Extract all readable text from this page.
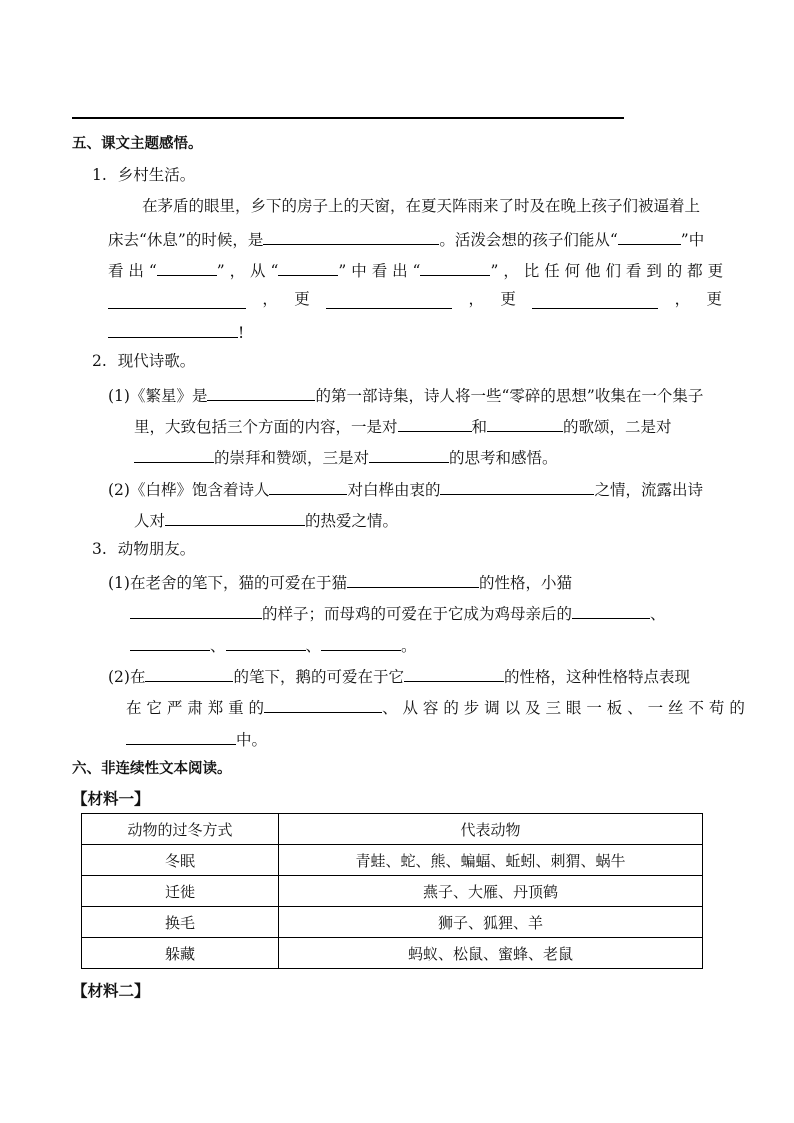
五、课文主题感悟。
1. 乡村生活。
在茅盾的眼里，乡下的房子上的天窗，在夏天阵雨来了时及在晚上孩子们被逼着上
床去“休息”的时候，是	。活泼会想的孩子们能从“	”中
看 出 “	” ， 从 “	” 中 看 出 “	” ， 比 任 何 他 们 看 到 的 都 更
， 更	， 更	， 更
!
2. 现代诗歌。
(1)《繁星》是	的第一部诗集，诗人将一些“零碎的思想”收集在一个集子
里，大致包括三个方面的内容，一是对	和	的歌颂，二是对
的崇拜和赞颂，三是对	的思考和感悟。
(2)《白桦》饱含着诗人	对白桦由衷的	之情，流露出诗
人对	的热爱之情。
3. 动物朋友。
(1)在老舍的笔下，猫的可爱在于猫	的性格，小猫
的样子；而母鸡的可爱在于它成为鸡母亲后的	、
、	、	。
(2)在	的笔下，鹅的可爱在于它	的性格，这种性格特点表现
在 它 严 肃 郑 重 的	、 从 容 的 步 调 以 及 三 眼 一 板 、 一 丝 不 苟 的
中。
六、非连续性文本阅读。
【材料一】
动物的过冬方式	代表动物
冬眠	青蛙、蛇、熊、蝙蝠、蚯蚓、刺猬、蜗牛
迁徙	燕子、大雁、丹顶鹤
换毛	狮子、狐狸、羊
躲藏	蚂蚁、松鼠、蜜蜂、老鼠
【材料二】
